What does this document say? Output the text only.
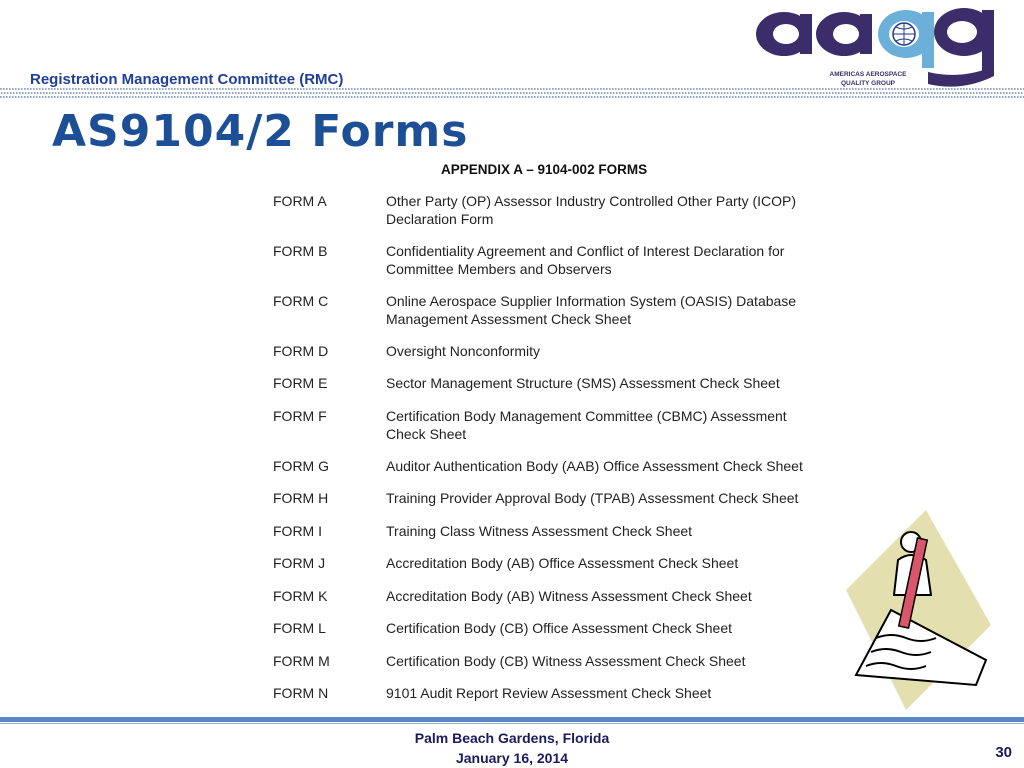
Registration Management Committee (RMC)	AMERICAS AEROSPACE
QUALITY GROUP
AS9104/2 Forms
APPENDIX A – 9104-002 FORMS
FORM A	Other Party (OP) Assessor Industry Controlled Other Party (ICOP)
Declaration Form
FORM B	Confidentiality Agreement and Conflict of Interest Declaration for
Committee Members and Observers
FORM C	Online Aerospace Supplier Information System (OASIS) Database
Management Assessment Check Sheet
FORM D	Oversight Nonconformity
FORM E	Sector Management Structure (SMS) Assessment Check Sheet
FORM F	Certification Body Management Committee (CBMC) Assessment
Check Sheet
FORM G	Auditor Authentication Body (AAB) Office Assessment Check Sheet
FORM H	Training Provider Approval Body (TPAB) Assessment Check Sheet
FORM I	Training Class Witness Assessment Check Sheet
FORM J	Accreditation Body (AB) Office Assessment Check Sheet
FORM K	Accreditation Body (AB) Witness Assessment Check Sheet
FORM L	Certification Body (CB) Office Assessment Check Sheet
FORM M	Certification Body (CB) Witness Assessment Check Sheet
FORM N	9101 Audit Report Review Assessment Check Sheet
Palm Beach Gardens, Florida
January 16, 2014	30
